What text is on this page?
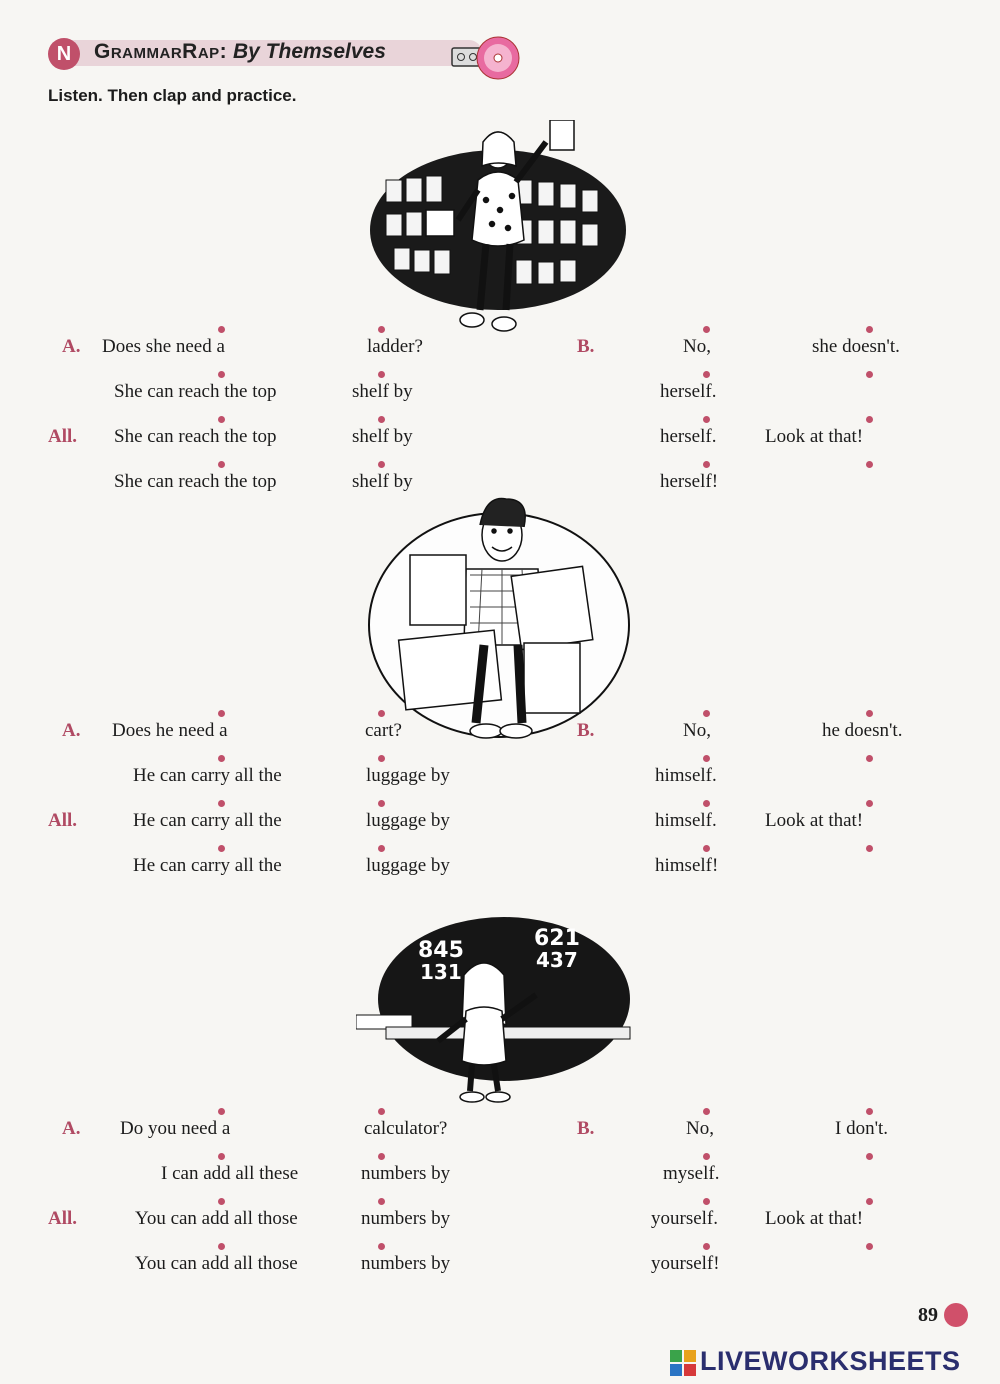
N	GrammarRap: By Themselves
Listen. Then clap and practice.
845
131
621
437
A. Does she need a	ladder?	B.	No,	she doesn't.
She can reach the top	shelf by	herself.
All. She can reach the top	shelf by	herself.	Look at that!
She can reach the top	shelf by	herself!
A. Does he need a	cart?	B.	No,	he doesn't.
He can carry all the	luggage by	himself.
All.	He can carry all the	luggage by	himself.	Look at that!
He can carry all the	luggage by	himself!
A. Do you need a	calculator?	B.	No,	I don't.
I can add all these	numbers by	myself.
All.	You can add all those	numbers by	yourself. Look at that!
You can add all those	numbers by	yourself!
89
LIVEWORKSHEETS
